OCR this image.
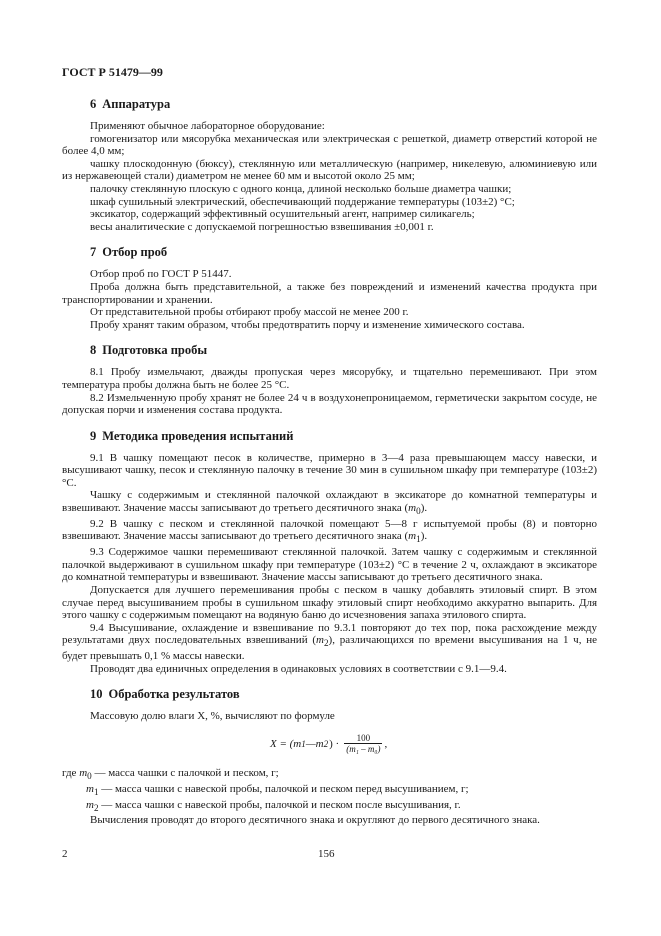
ГОСТ Р 51479—99
6 Аппаратура

Применяют обычное лабораторное оборудование:

гомогенизатор или мясорубка механическая или электрическая с решеткой, диаметр отверстий которой не более 4,0 мм;

чашку плоскодонную (бюксу), стеклянную или металлическую (например, никелевую, алюминиевую или из нержавеющей стали) диаметром не менее 60 мм и высотой около 25 мм;

палочку стеклянную плоскую с одного конца, длиной несколько больше диаметра чашки;

шкаф сушильный электрический, обеспечивающий поддержание температуры (103±2) °С;

эксикатор, содержащий эффективный осушительный агент, например силикагель;

весы аналитические с допускаемой погрешностью взвешивания ±0,001 г.

7 Отбор проб

Отбор проб по ГОСТ Р 51447.

Проба должна быть представительной, а также без повреждений и изменений качества продукта при транспортировании и хранении.

От представительной пробы отбирают пробу массой не менее 200 г.

Пробу хранят таким образом, чтобы предотвратить порчу и изменение химического состава.

8 Подготовка пробы

8.1 Пробу измельчают, дважды пропуская через мясорубку, и тщательно перемешивают. При этом температура пробы должна быть не более 25 °С.

8.2 Измельченную пробу хранят не более 24 ч в воздухонепроницаемом, герметически закрытом сосуде, не допуская порчи и изменения состава продукта.

9 Методика проведения испытаний

9.1 В чашку помещают песок в количестве, примерно в 3—4 раза превышающем массу навески, и высушивают чашку, песок и стеклянную палочку в течение 30 мин в сушильном шкафу при температуре (103±2) °С.

Чашку с содержимым и стеклянной палочкой охлаждают в эксикаторе до комнатной температуры и взвешивают. Значение массы записывают до третьего десятичного знака $(m_0)$.

9.2 В чашку с песком и стеклянной палочкой помещают 5—8 г испытуемой пробы (8) и повторно взвешивают. Значение массы записывают до третьего десятичного знака $(m_1)$.

9.3 Содержимое чашки перемешивают стеклянной палочкой. Затем чашку с содержимым и стеклянной палочкой выдерживают в сушильном шкафу при температуре (103±2) °С в течение 2 ч, охлаждают в эксикаторе до комнатной температуры и взвешивают. Значение массы записывают до третьего десятичного знака.

Допускается для лучшего перемешивания пробы с песком в чашку добавлять этиловый спирт. В этом случае перед высушиванием пробы в сушильном шкафу этиловый спирт необходимо аккуратно выпарить. Для этого чашку с содержимым помещают на водяную баню до исчезновения запаха этилового спирта.

9.4 Высушивание, охлаждение и взвешивание по 9.3.1 повторяют до тех пор, пока расхождение между результатами двух последовательных взвешиваний $(m_2)$, различающихся по времени высушивания на 1 ч, не будет превышать 0,1 % массы навески.

Проводят два единичных определения в одинаковых условиях в соответствии с 9.1—9.4.

10 Обработка результатов

Массовую долю влаги X, %, вычисляют по формуле

X = (m 1 —m 2 ) · $\frac{100}{\text{(m₁ – m₀)}}$ ,

где $m_0$ — масса чашки с палочкой и песком, г;

$m_1$ — масса чашки с навеской пробы, палочкой и песком перед высушиванием, г;

$m_2$ — масса чашки с навеской пробы, палочкой и песком после высушивания, г.

Вычисления проводят до второго десятичного знака и округляют до первого десятичного знака.

2	156
